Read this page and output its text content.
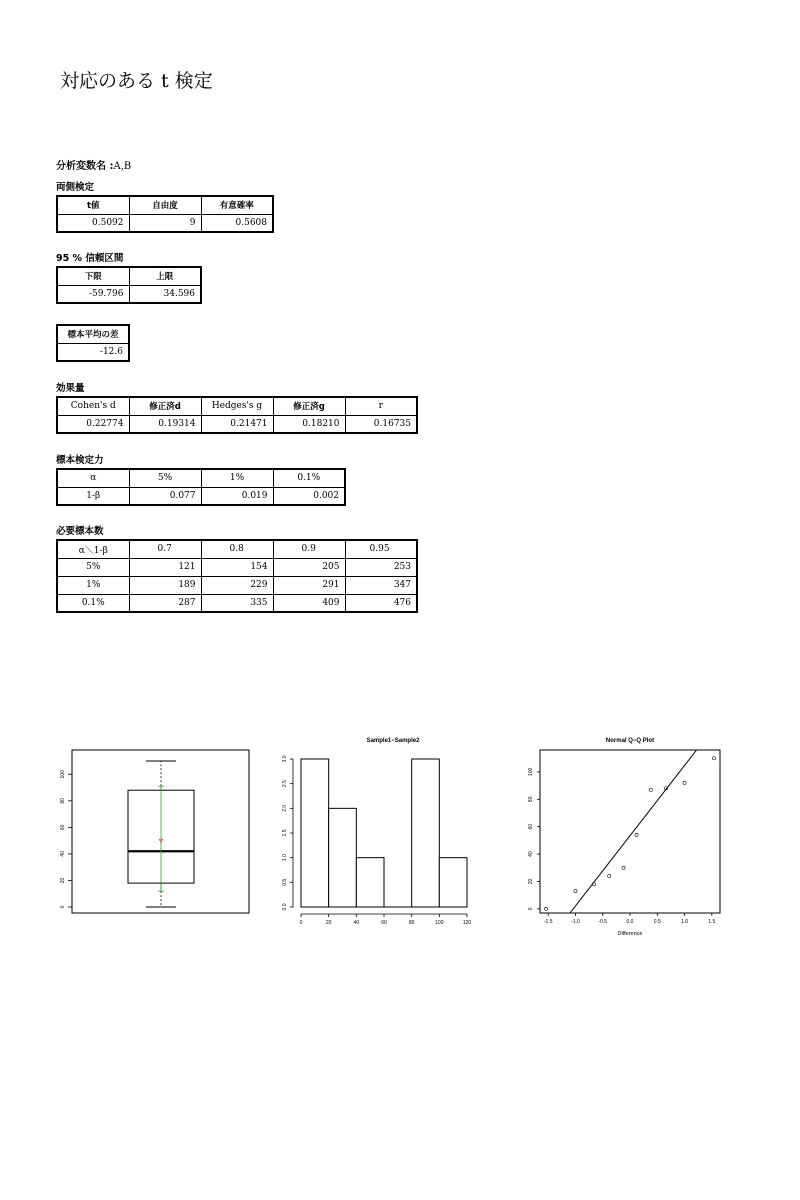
対応のある t 検定
分析変数名 :A,B
両側検定
t値	自由度	有意確率
0.5092	9	0.5608
95 % 信頼区間
下限	上限
-59.796	34.596
標本平均の差
-12.6
効果量
Cohen's d	修正済d	Hedges's g	修正済g	r
0.22774	0.19314	0.21471	0.18210	0.16735
標本検定力
α	5%	1%	0.1%
1-β	0.077	0.019	0.002
必要標本数
α＼1-β	0.7	0.8	0.9	0.95
5%	121	154	205	253
1%	189	229	291	347
0.1%	287	335	409	476
0
20
40
60
80
100
Sample1−Sample2
0	20	40	60	80	100	120
0.0
0.5
1.0
1.5
2.0
2.5
3.0
Normal Q−Q Plot
-1.5	-1.0	-0.5	0.0	0.5	1.0	1.5
0
20
40
60
80
100
Difference
